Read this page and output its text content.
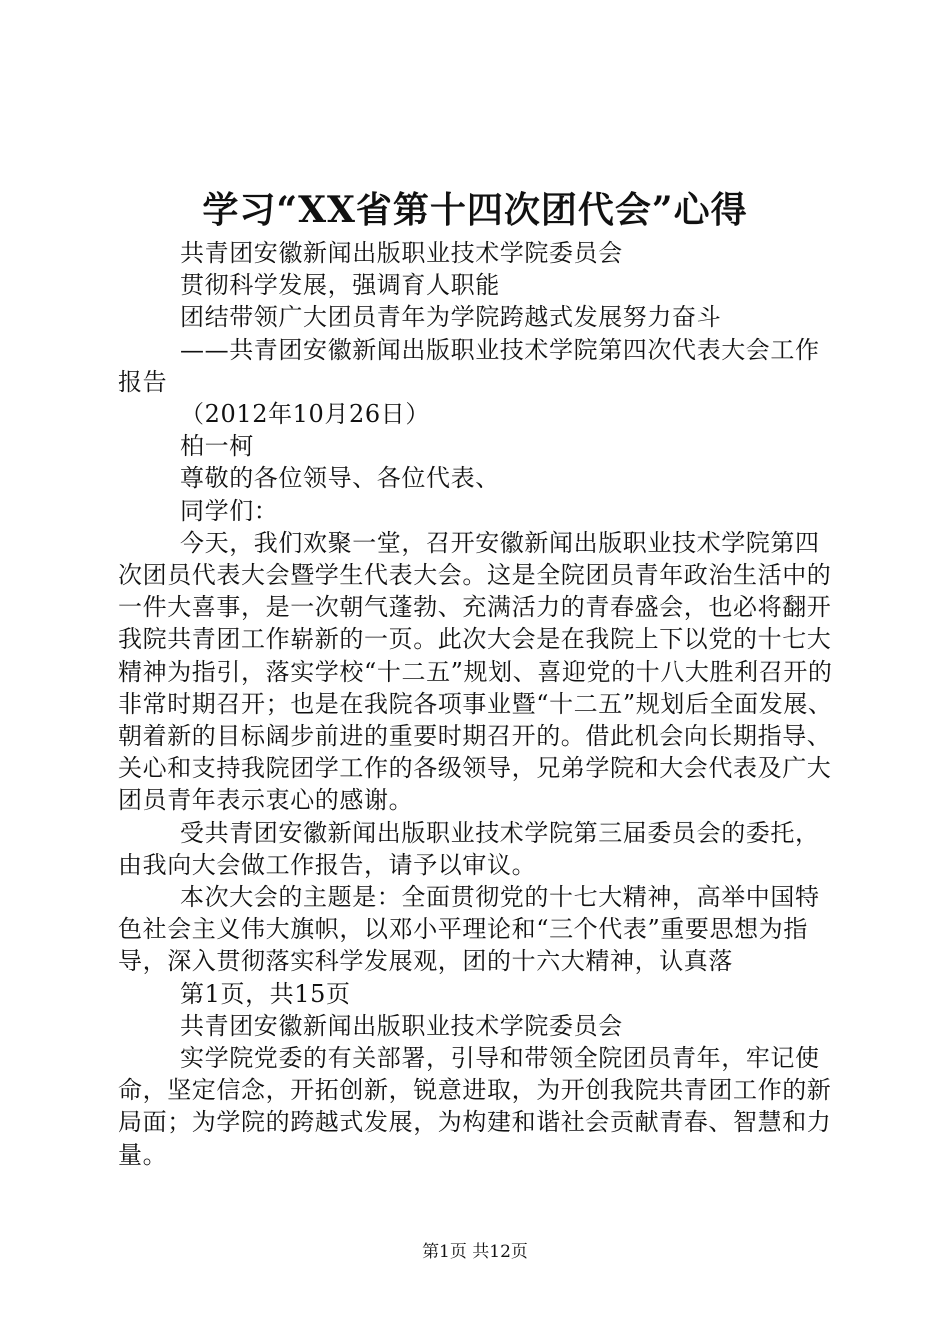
学习“XX省第十四次团代会”心得

共青团安徽新闻出版职业技术学院委员会

贯彻科学发展，强调育人职能

团结带领广大团员青年为学院跨越式发展努力奋斗

——共青团安徽新闻出版职业技术学院第四次代表大会工作报告

（2012年10月26日）

柏一柯

尊敬的各位领导、各位代表、

同学们：

今天，我们欢聚一堂，召开安徽新闻出版职业技术学院第四次团员代表大会暨学生代表大会。这是全院团员青年政治生活中的一件大喜事，是一次朝气蓬勃、充满活力的青春盛会，也必将翻开我院共青团工作崭新的一页。此次大会是在我院上下以党的十七大精神为指引，落实学校“十二五”规划、喜迎党的十八大胜利召开的非常时期召开；也是在我院各项事业暨“十二五”规划后全面发展、朝着新的目标阔步前进的重要时期召开的。借此机会向长期指导、关心和支持我院团学工作的各级领导，兄弟学院和大会代表及广大团员青年表示衷心的感谢。

受共青团安徽新闻出版职业技术学院第三届委员会的委托，由我向大会做工作报告，请予以审议。

本次大会的主题是：全面贯彻党的十七大精神，高举中国特色社会主义伟大旗帜，以邓小平理论和“三个代表”重要思想为指导，深入贯彻落实科学发展观，团的十六大精神，认真落

第1页，共15页

共青团安徽新闻出版职业技术学院委员会

实学院党委的有关部署，引导和带领全院团员青年，牢记使命，坚定信念，开拓创新，锐意进取，为开创我院共青团工作的新局面；为学院的跨越式发展，为构建和谐社会贡献青春、智慧和力量。

第1页 共12页
